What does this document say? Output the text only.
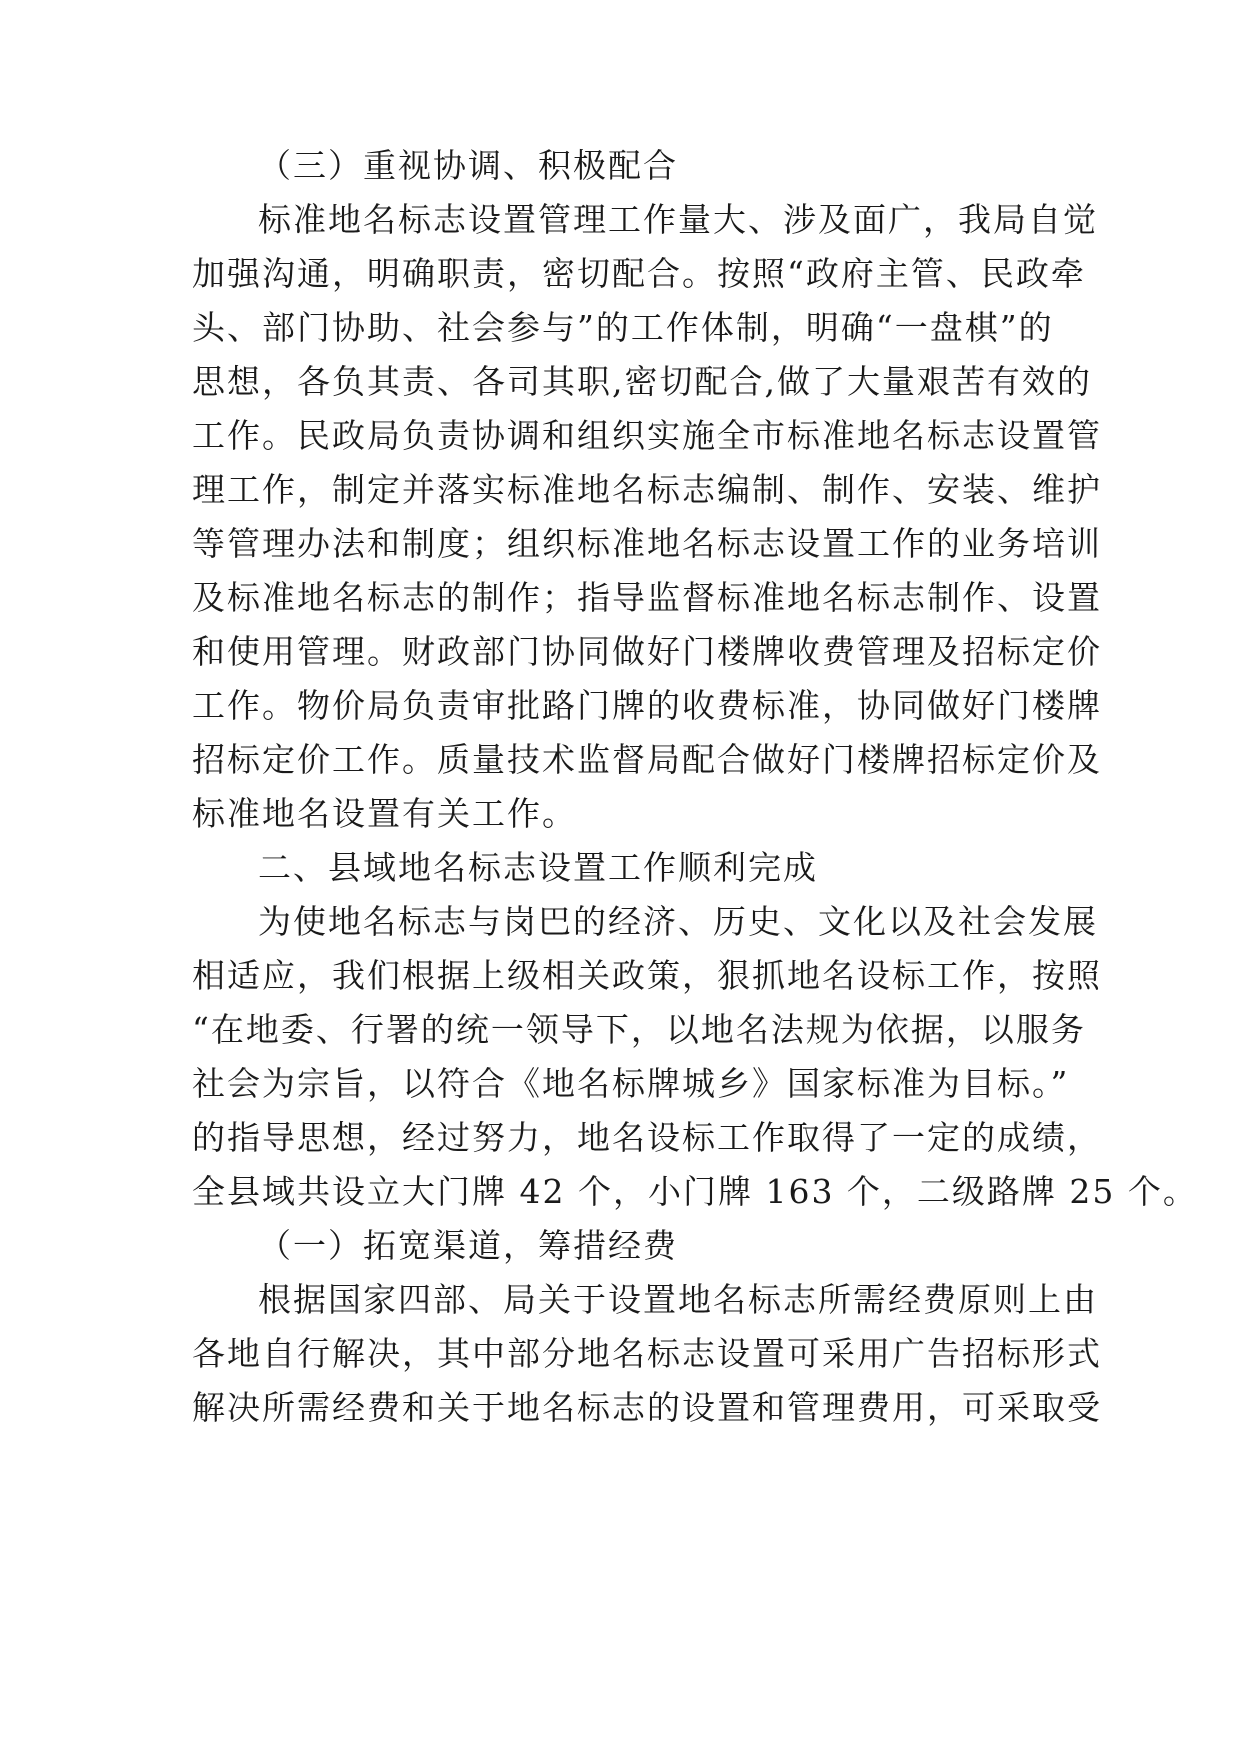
（三）重视协调、积极配合
标准地名标志设置管理工作量大、涉及面广，我局自觉
加强沟通，明确职责，密切配合。按照“政府主管、民政牵
头、部门协助、社会参与”的工作体制，明确“一盘棋”的
思想，各负其责、各司其职,密切配合,做了大量艰苦有效的
工作。民政局负责协调和组织实施全市标准地名标志设置管
理工作，制定并落实标准地名标志编制、制作、安装、维护
等管理办法和制度；组织标准地名标志设置工作的业务培训
及标准地名标志的制作；指导监督标准地名标志制作、设置
和使用管理。财政部门协同做好门楼牌收费管理及招标定价
工作。物价局负责审批路门牌的收费标准，协同做好门楼牌
招标定价工作。质量技术监督局配合做好门楼牌招标定价及
标准地名设置有关工作。
二、县域地名标志设置工作顺利完成
为使地名标志与岗巴的经济、历史、文化以及社会发展
相适应，我们根据上级相关政策，狠抓地名设标工作，按照
“在地委、行署的统一领导下，以地名法规为依据，以服务
社会为宗旨，以符合《地名标牌城乡》国家标准为目标。”
的指导思想，经过努力，地名设标工作取得了一定的成绩，
全县域共设立大门牌 42 个，小门牌 163 个，二级路牌 25 个。
（一）拓宽渠道，筹措经费
根据国家四部、局关于设置地名标志所需经费原则上由
各地自行解决，其中部分地名标志设置可采用广告招标形式
解决所需经费和关于地名标志的设置和管理费用，可采取受
